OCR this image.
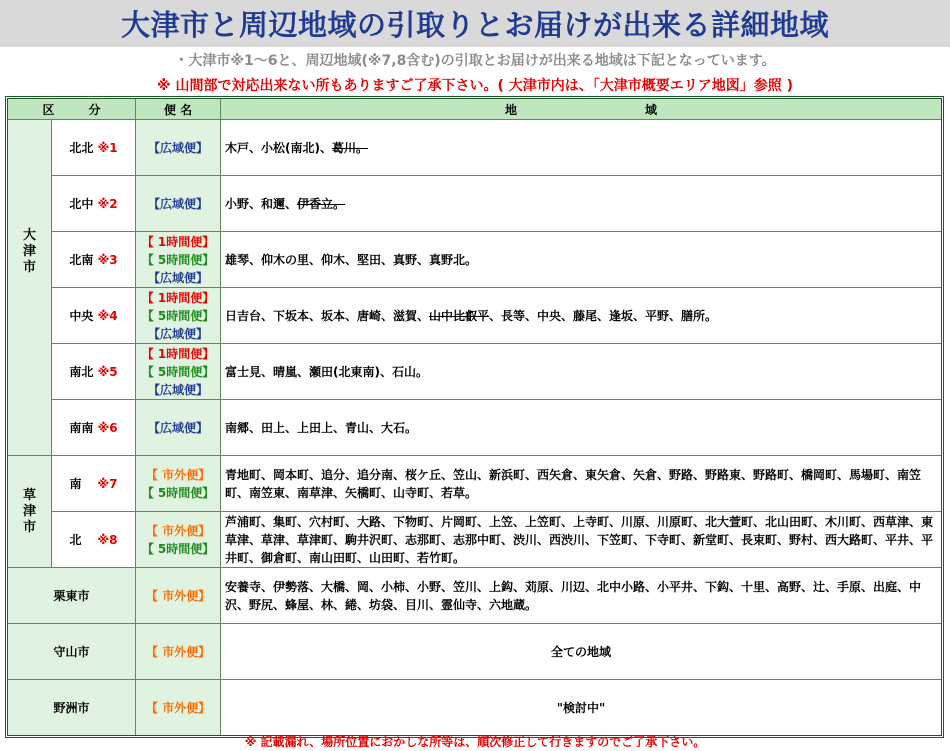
大津市と周辺地域の引取りとお届けが出来る詳細地域
・大津市※1～6と、周辺地域(※7,8含む)の引取とお届けが出来る地域は下記となっています。
※ 山間部で対応出来ない所もありますご了承下さい。( 大津市内は、「大津市概要エリア地図」参照 )
区 分		便 名	地 域
大津市	北北 ※1	【広域便】	木戸、小松(南北)、葛川。
	北中 ※2	【広域便】	小野、和邇、伊香立。
	北南 ※3	【 1時間便】
【 5時間便】
【広域便】	雄琴、仰木の里、仰木、堅田、真野、真野北。
	中央 ※4	【 1時間便】
【 5時間便】
【広域便】	日吉台、下坂本、坂本、唐崎、滋賀、山中比叡平、長等、中央、藤尾、逢坂、平野、膳所。
	南北 ※5	【 1時間便】
【 5時間便】
【広域便】	富士見、晴嵐、瀬田(北東南)、石山。
	南南 ※6	【広域便】	南郷、田上、上田上、青山、大石。
草津市	南 ※7	【 市外便】
【 5時間便】	青地町、岡本町、追分、追分南、桜ケ丘、笠山、新浜町、西矢倉、東矢倉、矢倉、野路、野路東、野路町、橋岡町、馬場町、南笠町、南笠東、南草津、矢橋町、山寺町、若草。
	北 ※8	【 市外便】
【 5時間便】	芦浦町、集町、穴村町、大路、下物町、片岡町、上笠、上笠町、上寺町、川原、川原町、北大萱町、北山田町、木川町、西草津、東草津、草津、草津町、駒井沢町、志那町、志那中町、渋川、西渋川、下笠町、下寺町、新堂町、長束町、野村、西大路町、平井、平井町、御倉町、南山田町、山田町、若竹町。
栗東市		【 市外便】	安養寺、伊勢落、大橋、岡、小柿、小野、笠川、上鈎、苅原、川辺、北中小路、小平井、下鈎、十里、高野、辻、手原、出庭、中沢、野尻、蜂屋、林、綣、坊袋、目川、霊仙寺、六地蔵。
守山市		【 市外便】	全ての地域
野洲市		【 市外便】	"検討中"
※ 記載漏れ、場所位置におかしな所等は、順次修正して行きますのでご了承下さい。
